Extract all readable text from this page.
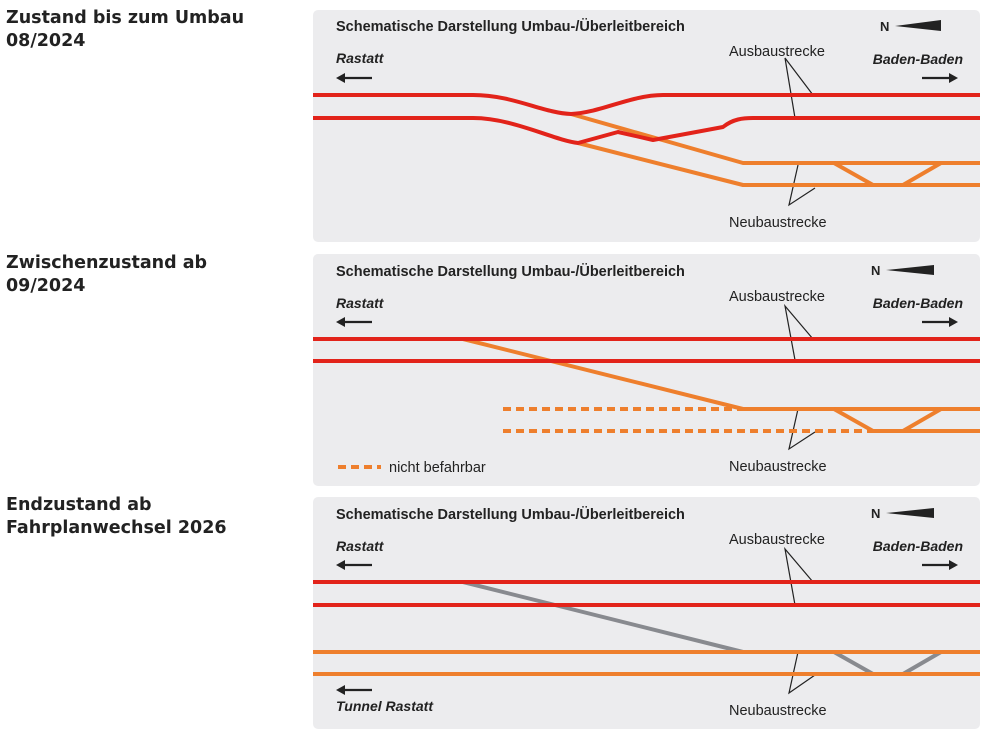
Zustand bis zum Umbau
08/2024
Schematische Darstellung Umbau-/Überleitbereich	N
Rastatt	Baden-Baden
Ausbaustrecke
Neubaustrecke
Zwischenzustand ab
09/2024
Schematische Darstellung Umbau-/Überleitbereich	N
Rastatt	Baden-Baden
Ausbaustrecke
Neubaustrecke
nicht befahrbar
Endzustand ab
Fahrplanwechsel 2026
Schematische Darstellung Umbau-/Überleitbereich	N
Rastatt	Baden-Baden
Ausbaustrecke
Neubaustrecke
Tunnel Rastatt
